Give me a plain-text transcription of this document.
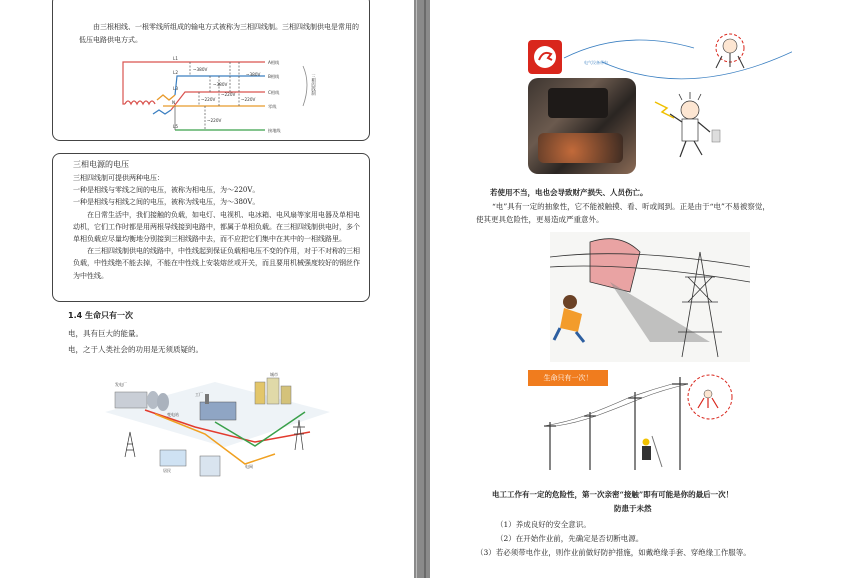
由三根相线、一根零线所组成的输电方式被称为三相四线制。三相四线制供电是常用的低压电路供电方式。

~380V
~380V
~380V
~220V
~220V
~220V
~220V
A相线
B相线
C相线
零线
接地线
L1
L2
L3
N
L5
三相四线制
三相电源的电压

三相四线制可提供两种电压：

一种是相线与零线之间的电压，被称为相电压，为～220V。

一种是相线与相线之间的电压，被称为线电压，为～380V。

在日常生活中，我们接触的负载，如电灯、电视机、电冰箱、电风扇等家用电器及单相电动机，它们工作时都是用两根导线接到电路中，都属于单相负载。在三相四线制供电时，多个单相负载应尽量均衡地分别接到三相线路中去，而不应把它们集中在其中的一相线路里。

在三相四线制供电的线路中，中性线起到保证负载相电压不变的作用，对于不对称的三相负载，中性线绝不能去掉，不能在中性线上安装熔丝或开关，而且要用机械强度较好的钢丝作为中性线。

1.4 生命只有一次
电，具有巨大的能量。
电，之于人类社会的功用是无须质疑的。
发电厂
变电站
工厂
城市
居民
电网
电气设备带电
若使用不当，电也会导致财产损失、人员伤亡。
“电”具有一定的抽象性，它不能被触摸、看、听或闻到。正是由于“电”不易被察觉，使其更具危险性，更易造成严重意外。
生命只有一次！
电工工作有一定的危险性，第一次亲密“接触”即有可能是你的最后一次！
防患于未然
（1）养成良好的安全意识。
（2）在开始作业前，先确定是否切断电源。
（3）若必须带电作业，则作业前做好防护措施，如戴绝缘手套、穿绝缘工作服等。
